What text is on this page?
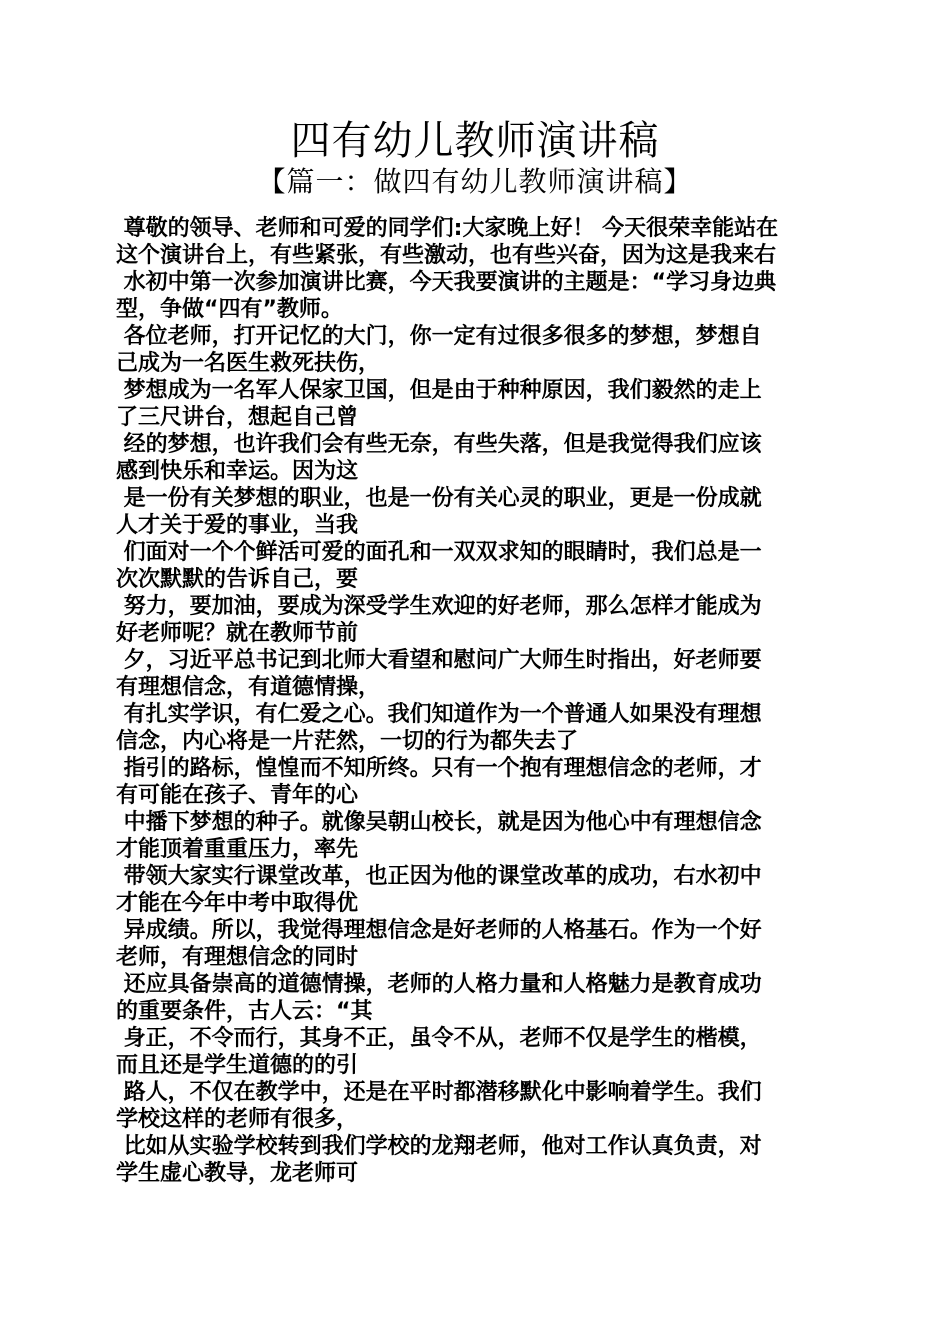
四有幼儿教师演讲稿
【篇一：做四有幼儿教师演讲稿】
尊敬的领导、老师和可爱的同学们:大家晚上好！ 今天很荣幸能站在
这个演讲台上，有些紧张，有些激动，也有些兴奋，因为这是我来右
水初中第一次参加演讲比赛，今天我要演讲的主题是：“学习身边典
型，争做“四有”教师。
各位老师，打开记忆的大门，你一定有过很多很多的梦想，梦想自
己成为一名医生救死扶伤，
梦想成为一名军人保家卫国，但是由于种种原因，我们毅然的走上
了三尺讲台，想起自己曾
经的梦想，也许我们会有些无奈，有些失落，但是我觉得我们应该
感到快乐和幸运。因为这
是一份有关梦想的职业，也是一份有关心灵的职业，更是一份成就
人才关于爱的事业，当我
们面对一个个鲜活可爱的面孔和一双双求知的眼睛时，我们总是一
次次默默的告诉自己，要
努力，要加油，要成为深受学生欢迎的好老师，那么怎样才能成为
好老师呢？就在教师节前
夕，习近平总书记到北师大看望和慰问广大师生时指出，好老师要
有理想信念，有道德情操，
有扎实学识，有仁爱之心。我们知道作为一个普通人如果没有理想
信念，内心将是一片茫然，一切的行为都失去了
指引的路标，惶惶而不知所终。只有一个抱有理想信念的老师，才
有可能在孩子、青年的心
中播下梦想的种子。就像吴朝山校长，就是因为他心中有理想信念
才能顶着重重压力，率先
带领大家实行课堂改革，也正因为他的课堂改革的成功，右水初中
才能在今年中考中取得优
异成绩。所以，我觉得理想信念是好老师的人格基石。作为一个好
老师，有理想信念的同时
还应具备崇高的道德情操，老师的人格力量和人格魅力是教育成功
的重要条件，古人云：“其
身正，不令而行，其身不正，虽令不从，老师不仅是学生的楷模，
而且还是学生道德的的引
路人，不仅在教学中，还是在平时都潜移默化中影响着学生。我们
学校这样的老师有很多，
比如从实验学校转到我们学校的龙翔老师，他对工作认真负责，对
学生虚心教导，龙老师可
